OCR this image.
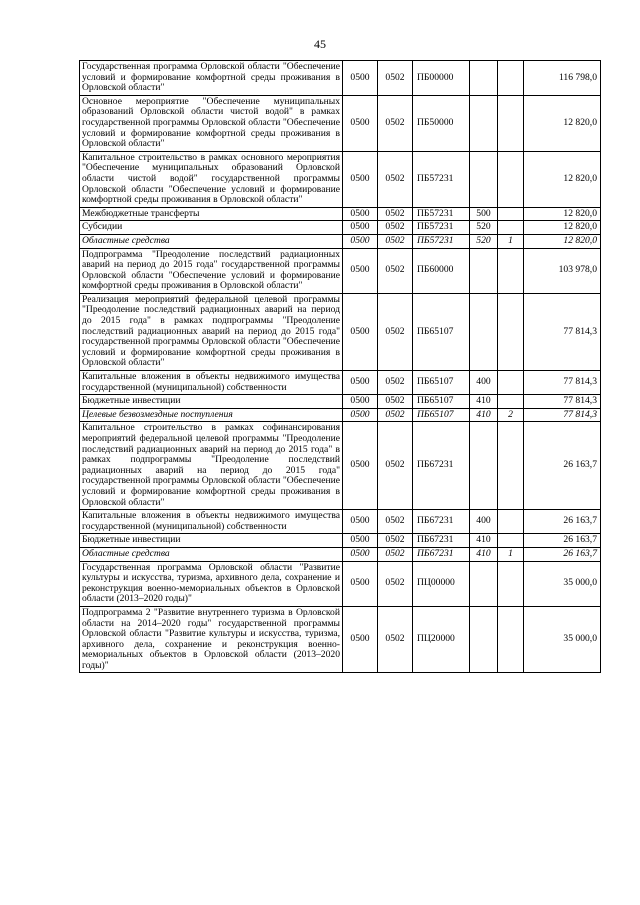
45
Государственная программа Орловской области "Обеспечение условий и формирование комфортной среды проживания в Орловской области"	0500	0502	ПБ00000			116 798,0
Основное мероприятие "Обеспечение муниципальных образований Орловской области чистой водой" в рамках государственной программы Орловской области "Обеспечение условий и формирование комфортной среды проживания в Орловской области"	0500	0502	ПБ50000			12 820,0
Капитальное строительство в рамках основного мероприятия "Обеспечение муниципальных образований Орловской области чистой водой" государственной программы Орловской области "Обеспечение условий и формирование комфортной среды проживания в Орловской области"	0500	0502	ПБ57231			12 820,0
Межбюджетные трансферты	0500	0502	ПБ57231	500		12 820,0
Субсидии	0500	0502	ПБ57231	520		12 820,0
Областные средства	0500	0502	ПБ57231	520	1	12 820,0
Подпрограмма "Преодоление последствий радиационных аварий на период до 2015 года" государственной программы Орловской области "Обеспечение условий и формирование комфортной среды проживания в Орловской области"	0500	0502	ПБ60000			103 978,0
Реализация мероприятий федеральной целевой программы "Преодоление последствий радиационных аварий на период до 2015 года" в рамках подпрограммы "Преодоление последствий радиационных аварий на период до 2015 года" государственной программы Орловской области "Обеспечение условий и формирование комфортной среды проживания в Орловской области"	0500	0502	ПБ65107			77 814,3
Капитальные вложения в объекты недвижимого имущества государственной (муниципальной) собственности	0500	0502	ПБ65107	400		77 814,3
Бюджетные инвестиции	0500	0502	ПБ65107	410		77 814,3
Целевые безвозмездные поступления	0500	0502	ПБ65107	410	2	77 814,3
Капитальное строительство в рамках софинансирования мероприятий федеральной целевой программы "Преодоление последствий радиационных аварий на период до 2015 года" в рамках подпрограммы "Преодоление последствий радиационных аварий на период до 2015 года" государственной программы Орловской области "Обеспечение условий и формирование комфортной среды проживания в Орловской области"	0500	0502	ПБ67231			26 163,7
Капитальные вложения в объекты недвижимого имущества государственной (муниципальной) собственности	0500	0502	ПБ67231	400		26 163,7
Бюджетные инвестиции	0500	0502	ПБ67231	410		26 163,7
Областные средства	0500	0502	ПБ67231	410	1	26 163,7
Государственная программа Орловской области "Развитие культуры и искусства, туризма, архивного дела, сохранение и реконструкция военно-мемориальных объектов в Орловской области (2013–2020 годы)"	0500	0502	ПЦ00000			35 000,0
Подпрограмма 2 "Развитие внутреннего туризма в Орловской области на 2014–2020 годы" государственной программы Орловской области "Развитие культуры и искусства, туризма, архивного дела, сохранение и реконструкция военно-мемориальных объектов в Орловской области (2013–2020 годы)"	0500	0502	ПЦ20000			35 000,0
